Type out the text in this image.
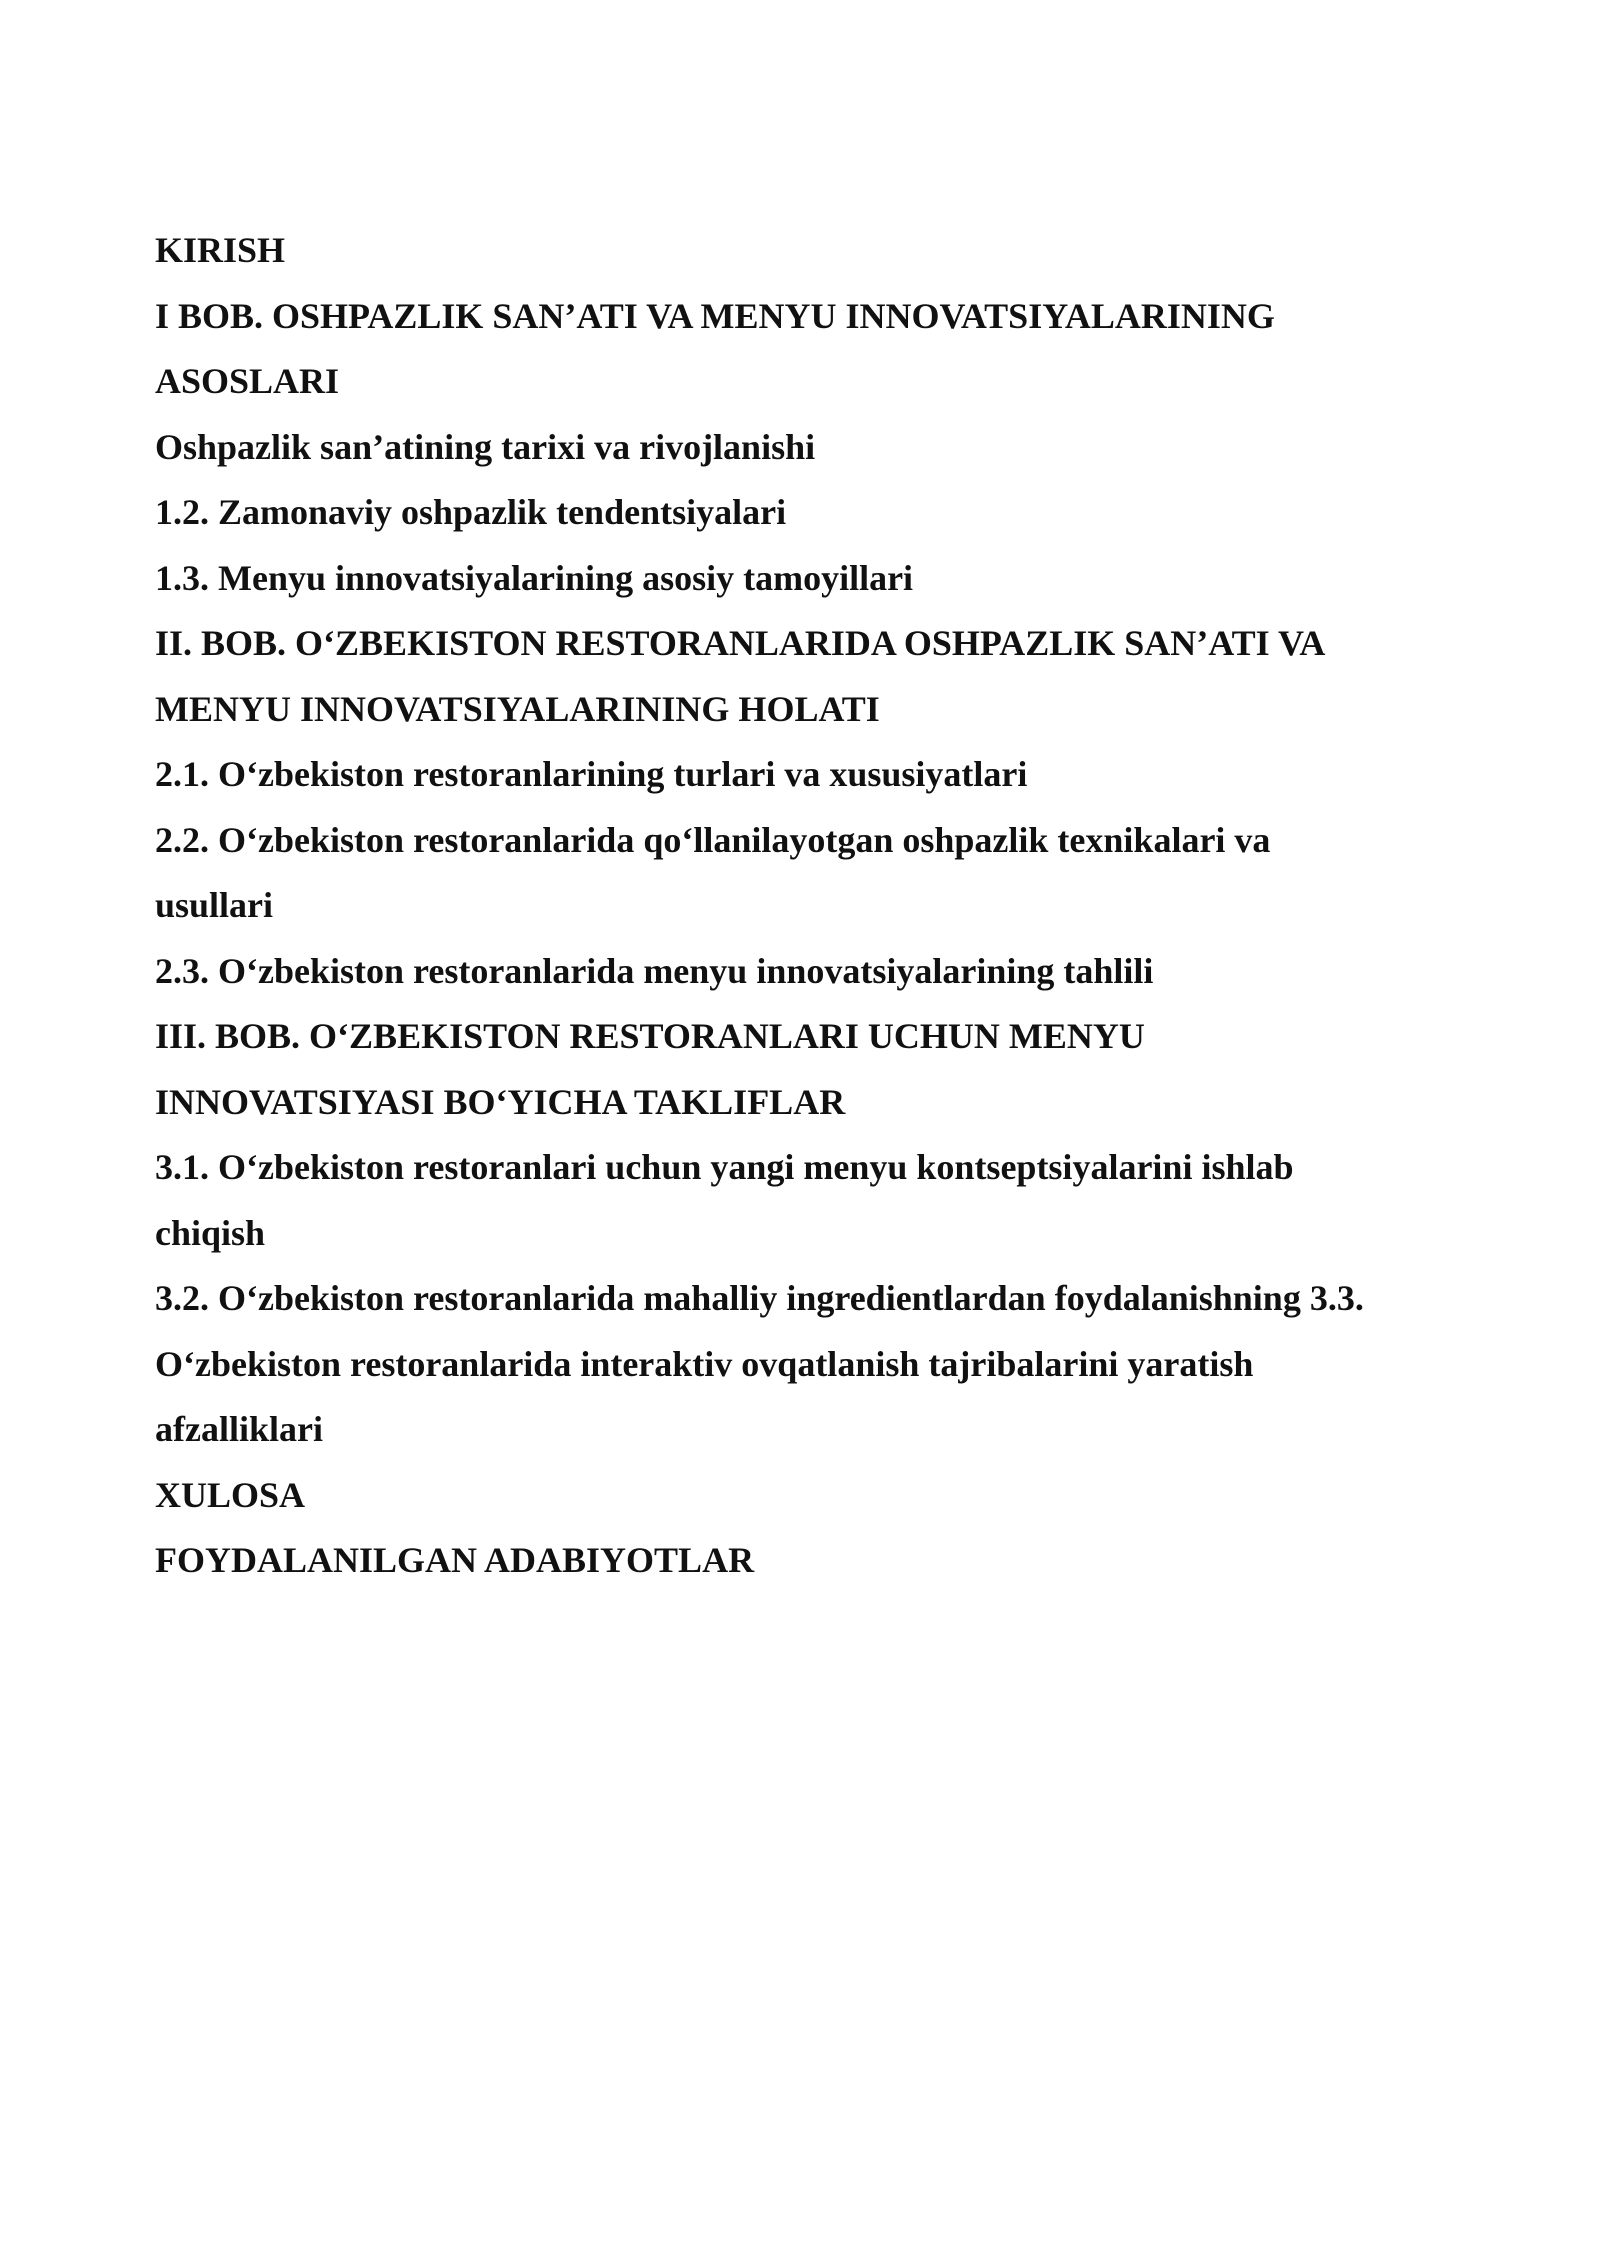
KIRISH
I BOB. OSHPAZLIK SAN’ATI VA MENYU INNOVATSIYALARINING
ASOSLARI
Oshpazlik san’atining tarixi va rivojlanishi
1.2. Zamonaviy oshpazlik tendentsiyalari
1.3. Menyu innovatsiyalarining asosiy tamoyillari
II. BOB. O‘ZBEKISTON RESTORANLARIDA OSHPAZLIK SAN’ATI VA
MENYU INNOVATSIYALARINING HOLATI
2.1. O‘zbekiston restoranlarining turlari va xususiyatlari
2.2. O‘zbekiston restoranlarida qo‘llanilayotgan oshpazlik texnikalari va
usullari
2.3. O‘zbekiston restoranlarida menyu innovatsiyalarining tahlili
III. BOB. O‘ZBEKISTON RESTORANLARI UCHUN MENYU
INNOVATSIYASI BO‘YICHA TAKLIFLAR
3.1. O‘zbekiston restoranlari uchun yangi menyu kontseptsiyalarini ishlab
chiqish
3.2. O‘zbekiston restoranlarida mahalliy ingredientlardan foydalanishning 3.3.
O‘zbekiston restoranlarida interaktiv ovqatlanish tajribalarini yaratish
afzalliklari
XULOSA
FOYDALANILGAN ADABIYOTLAR
